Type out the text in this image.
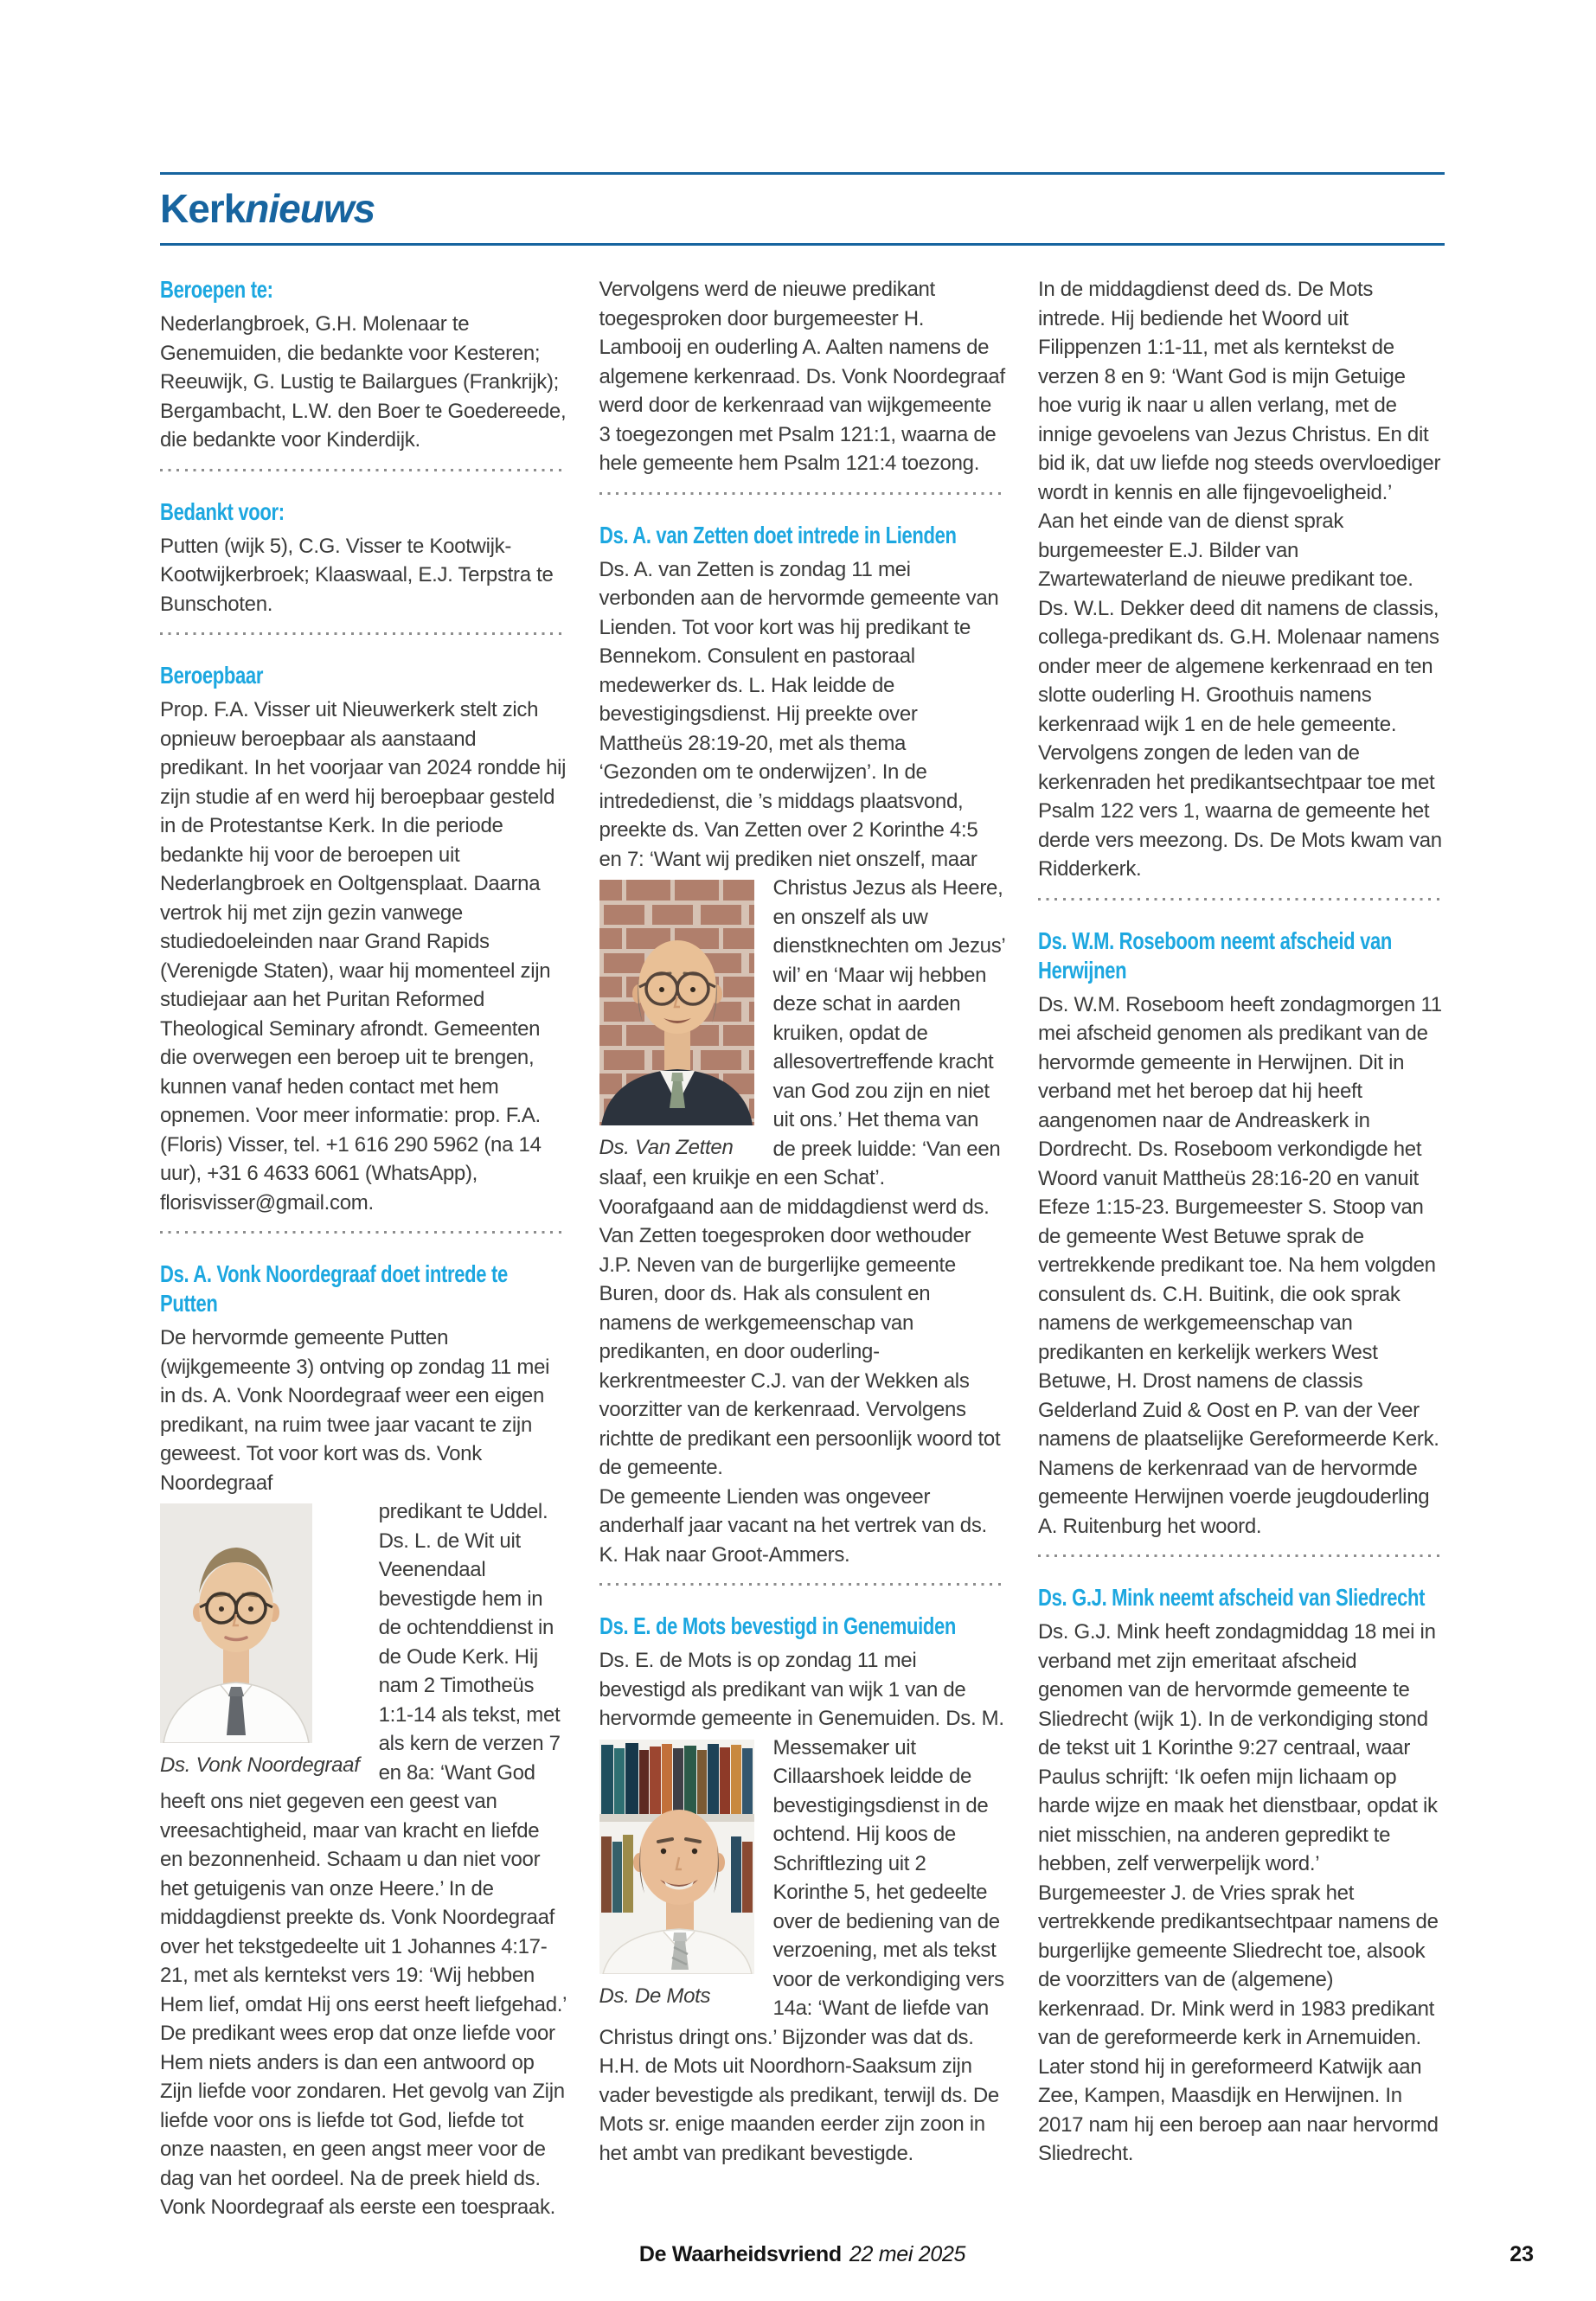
Kerknieuws
Beroepen te:

Nederlangbroek, G.H. Molenaar te Genemuiden, die bedankte voor Kesteren; Reeuwijk, G. Lustig te Bailargues (Frankrijk); Bergambacht, L.W. den Boer te Goedereede, die bedankte voor Kinderdijk.

Bedankt voor:

Putten (wijk 5), C.G. Visser te Kootwijk-Kootwijkerbroek; Klaaswaal, E.J. Terpstra te Bunschoten.

Beroepbaar

Prop. F.A. Visser uit Nieuwerkerk stelt zich opnieuw beroepbaar als aanstaand predikant. In het voorjaar van 2024 rondde hij zijn studie af en werd hij beroepbaar gesteld in de Protestantse Kerk. In die periode bedankte hij voor de beroepen uit Nederlangbroek en Ooltgensplaat. Daarna vertrok hij met zijn gezin vanwege studiedoeleinden naar Grand Rapids (Verenigde Staten), waar hij momenteel zijn studiejaar aan het Puritan Reformed Theological Seminary afrondt. Gemeenten die overwegen een beroep uit te brengen, kunnen vanaf heden contact met hem opnemen. Voor meer informatie: prop. F.A. (Floris) Visser, tel. +1 616 290 5962 (na 14 uur), +31 6 4633 6061 (WhatsApp), florisvisser@gmail.com.

Ds. A. Vonk Noordegraaf doet intrede te Putten

De hervormde gemeente Putten (wijkgemeente 3) ontving op zondag 11 mei in ds. A. Vonk Noordegraaf weer een eigen predikant, na ruim twee jaar vacant te zijn geweest. Tot voor kort was ds. Vonk Noordegraaf

Ds. Vonk Noordegraaf

predikant te Uddel. Ds. L. de Wit uit Veenendaal bevestigde hem in de ochtenddienst in de Oude Kerk. Hij nam 2 Timotheüs 1:1-14 als tekst, met als kern de verzen 7 en 8a: ‘Want God heeft ons niet gegeven een geest van vreesachtigheid, maar van kracht en liefde en bezonnenheid. Schaam u dan niet voor het getuigenis van onze Heere.’ In de middagdienst preekte ds. Vonk Noordegraaf over het tekstgedeelte uit 1 Johannes 4:17-21, met als kerntekst vers 19: ‘Wij hebben Hem lief, omdat Hij ons eerst heeft liefgehad.’ De predikant wees erop dat onze liefde voor Hem niets anders is dan een antwoord op Zijn liefde voor zondaren. Het gevolg van Zijn liefde voor ons is liefde tot God, liefde tot onze naasten, en geen angst meer voor de dag van het oordeel. Na de preek hield ds. Vonk Noordegraaf als eerste een toespraak.

Vervolgens werd de nieuwe predikant toegesproken door burgemeester H. Lambooij en ouderling A. Aalten namens de algemene kerkenraad. Ds. Vonk Noordegraaf werd door de kerkenraad van wijkgemeente 3 toegezongen met Psalm 121:1, waarna de hele gemeente hem Psalm 121:4 toezong.

Ds. A. van Zetten doet intrede in Lienden

Ds. A. van Zetten is zondag 11 mei verbonden aan de hervormde gemeente van Lienden. Tot voor kort was hij predikant te Bennekom. Consulent en pastoraal medewerker ds. L. Hak leidde de bevestigingsdienst. Hij preekte over Mattheüs 28:19-20, met als thema ‘Gezonden om te onderwijzen’. In de intrededienst, die ’s middags plaatsvond, preekte ds. Van Zetten over 2 Korinthe 4:5 en 7: ‘Want wij prediken niet onszelf, maar

Ds. Van Zetten

Christus Jezus als Heere, en onszelf als uw dienstknechten om Jezus’ wil’ en ‘Maar wij hebben deze schat in aarden kruiken, opdat de allesovertreffende kracht van God zou zijn en niet uit ons.’ Het thema van de preek luidde: ‘Van een slaaf, een kruikje en een Schat’.

Voorafgaand aan de middagdienst werd ds. Van Zetten toegesproken door wethouder J.P. Neven van de burgerlijke gemeente Buren, door ds. Hak als consulent en namens de werkgemeenschap van predikanten, en door ouderling-kerkrentmeester C.J. van der Wekken als voorzitter van de kerkenraad. Vervolgens richtte de predikant een persoonlijk woord tot de gemeente.

De gemeente Lienden was ongeveer anderhalf jaar vacant na het vertrek van ds. K. Hak naar Groot-Ammers.

Ds. E. de Mots bevestigd in Genemuiden

Ds. E. de Mots is op zondag 11 mei bevestigd als predikant van wijk 1 van de hervormde gemeente in Genemuiden. Ds. M.

Ds. De Mots

Messemaker uit Cillaarshoek leidde de bevestigingsdienst in de ochtend. Hij koos de Schriftlezing uit 2 Korinthe 5, het gedeelte over de bediening van de verzoening, met als tekst voor de verkondiging vers 14a: ‘Want de liefde van Christus dringt ons.’ Bijzonder was dat ds. H.H. de Mots uit Noordhorn-Saaksum zijn vader bevestigde als predikant, terwijl ds. De Mots sr. enige maanden eerder zijn zoon in het ambt van predikant bevestigde.

In de middagdienst deed ds. De Mots intrede. Hij bediende het Woord uit Filippenzen 1:1-11, met als kerntekst de verzen 8 en 9: ‘Want God is mijn Getuige hoe vurig ik naar u allen verlang, met de innige gevoelens van Jezus Christus. En dit bid ik, dat uw liefde nog steeds overvloediger wordt in kennis en alle fijngevoeligheid.’

Aan het einde van de dienst sprak burgemeester E.J. Bilder van Zwartewaterland de nieuwe predikant toe. Ds. W.L. Dekker deed dit namens de classis, collega-predikant ds. G.H. Molenaar namens onder meer de algemene kerkenraad en ten slotte ouderling H. Groothuis namens kerkenraad wijk 1 en de hele gemeente. Vervolgens zongen de leden van de kerkenraden het predikantsechtpaar toe met Psalm 122 vers 1, waarna de gemeente het derde vers meezong. Ds. De Mots kwam van Ridderkerk.

Ds. W.M. Roseboom neemt afscheid van Herwijnen

Ds. W.M. Roseboom heeft zondagmorgen 11 mei afscheid genomen als predikant van de hervormde gemeente in Herwijnen. Dit in verband met het beroep dat hij heeft aangenomen naar de Andreaskerk in Dordrecht. Ds. Roseboom verkondigde het Woord vanuit Mattheüs 28:16-20 en vanuit Efeze 1:15-23. Burgemeester S. Stoop van de gemeente West Betuwe sprak de vertrekkende predikant toe. Na hem volgden consulent ds. C.H. Buitink, die ook sprak namens de werkgemeenschap van predikanten en kerkelijk werkers West Betuwe, H. Drost namens de classis Gelderland Zuid & Oost en P. van der Veer namens de plaatselijke Gereformeerde Kerk. Namens de kerkenraad van de hervormde gemeente Herwijnen voerde jeugdouderling A. Ruitenburg het woord.

Ds. G.J. Mink neemt afscheid van Sliedrecht

Ds. G.J. Mink heeft zondagmiddag 18 mei in verband met zijn emeritaat afscheid genomen van de hervormde gemeente te Sliedrecht (wijk 1). In de verkondiging stond de tekst uit 1 Korinthe 9:27 centraal, waar Paulus schrijft: ‘Ik oefen mijn lichaam op harde wijze en maak het dienstbaar, opdat ik niet misschien, na anderen gepredikt te hebben, zelf verwerpelijk word.’ Burgemeester J. de Vries sprak het vertrekkende predikantsechtpaar namens de burgerlijke gemeente Sliedrecht toe, alsook de voorzitters van de (algemene) kerkenraad. Dr. Mink werd in 1983 predikant van de gereformeerde kerk in Arnemuiden. Later stond hij in gereformeerd Katwijk aan Zee, Kampen, Maasdijk en Herwijnen. In 2017 nam hij een beroep aan naar hervormd Sliedrecht.

De Waarheidsvriend 22 mei 2025	23
